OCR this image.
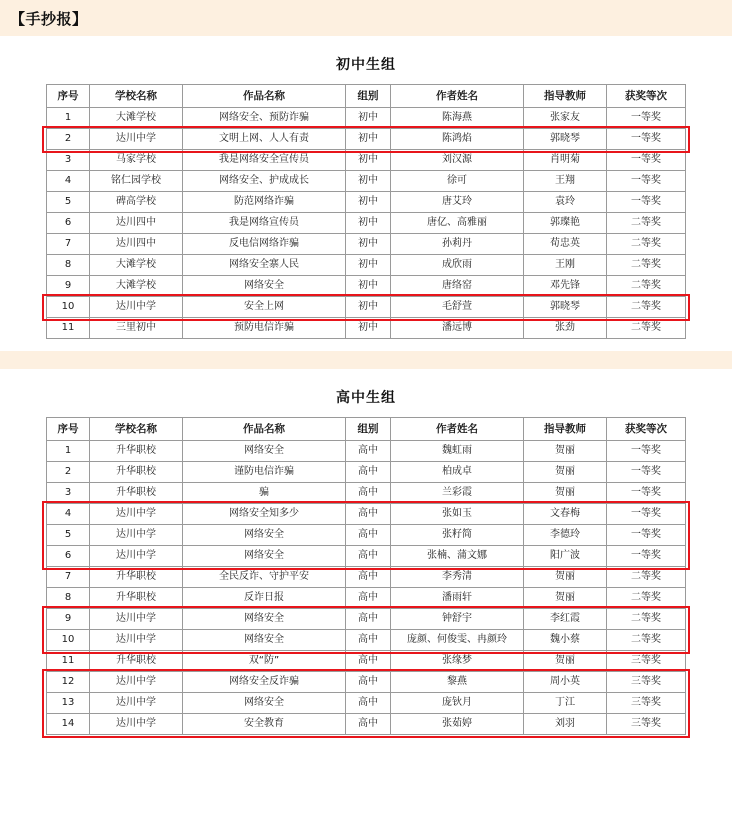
【手抄报】
初中生组
序号	学校名称	作品名称	组别	作者姓名	指导教师	获奖等次
1	大滩学校	网络安全、预防诈骗	初中	陈海燕	张家友	一等奖
2	达川中学	文明上网、人人有责	初中	陈鸿焰	郭晓琴	一等奖
3	马家学校	我是网络安全宣传员	初中	刘汉源	肖明菊	一等奖
4	铭仁园学校	网络安全、护成成长	初中	徐可	王翔	一等奖
5	碑高学校	防范网络诈骗	初中	唐艾玲	袁玲	一等奖
6	达川四中	我是网络宣传员	初中	唐亿、高雅丽	郭璨艳	二等奖
7	达川四中	反电信网络诈骗	初中	孙莉丹	荀忠英	二等奖
8	大滩学校	网络安全寨人民	初中	成欣雨	王刚	二等奖
9	大滩学校	网络安全	初中	唐络窑	邓先锋	二等奖
10	达川中学	安全上网	初中	毛舒萱	郭晓琴	二等奖
11	三里初中	预防电信诈骗	初中	潘远博	张劲	二等奖
高中生组
序号	学校名称	作品名称	组别	作者姓名	指导教师	获奖等次
1	升华职校	网络安全	高中	魏虹雨	贺丽	一等奖
2	升华职校	谨防电信诈骗	高中	柏成卓	贺丽	一等奖
3	升华职校	骗	高中	兰彩霞	贺丽	一等奖
4	达川中学	网络安全知多少	高中	张如玉	文春梅	一等奖
5	达川中学	网络安全	高中	张籽简	李德玲	一等奖
6	达川中学	网络安全	高中	张楠、蒲文娜	阳广波	一等奖
7	升华职校	全民反诈、守护平安	高中	李秀清	贺丽	二等奖
8	升华职校	反诈日报	高中	潘雨轩	贺丽	二等奖
9	达川中学	网络安全	高中	钟舒宇	李红霞	二等奖
10	达川中学	网络安全	高中	庞颜、何俊雯、冉颜玲	魏小蔡	二等奖
11	升华职校	双“防”	高中	张缘梦	贺丽	三等奖
12	达川中学	网络安全反诈骗	高中	黎燕	周小英	三等奖
13	达川中学	网络安全	高中	庞钬月	丁江	三等奖
14	达川中学	安全教育	高中	张茹婷	刘羽	三等奖
